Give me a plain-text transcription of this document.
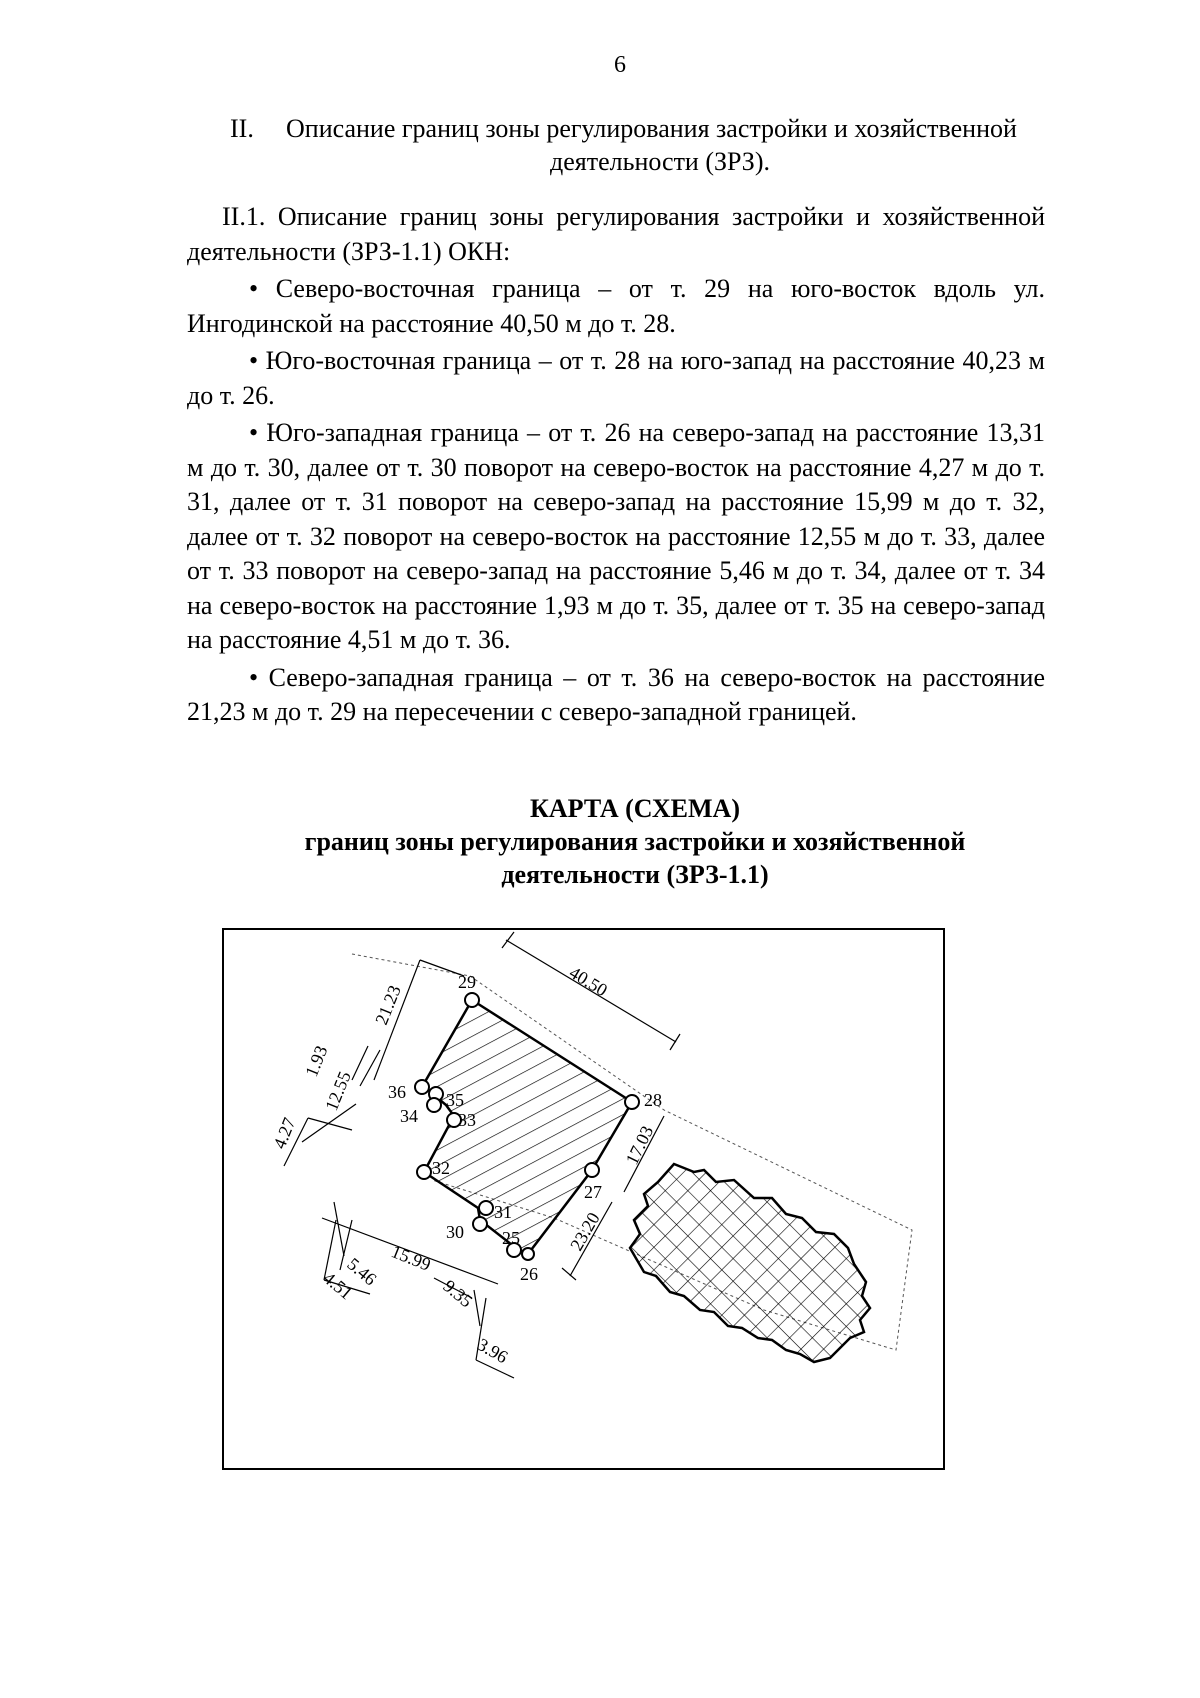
6
II. Описание границ зоны регулирования застройки и хозяйственной
деятельности (ЗРЗ).

II.1. Описание границ зоны регулирования застройки и хозяйственной деятельности (ЗРЗ-1.1) ОКН:

• Северо-восточная граница – от т. 29 на юго-восток вдоль ул. Ингодинской на расстояние 40,50 м до т. 28.

• Юго-восточная граница – от т. 28 на юго-запад на расстояние 40,23 м до т. 26.

• Юго-западная граница – от т. 26 на северо-запад на расстояние 13,31 м до т. 30, далее от т. 30 поворот на северо-восток на расстояние 4,27 м до т. 31, далее от т. 31 поворот на северо-запад на расстояние 15,99 м до т. 32, далее от т. 32 поворот на северо-восток на расстояние 12,55 м до т. 33, далее от т. 33 поворот на северо-запад на расстояние 5,46 м до т. 34, далее от т. 34 на северо-восток на расстояние 1,93 м до т. 35, далее от т. 35 на северо-запад на расстояние 4,51 м до т. 36.

• Северо-западная граница – от т. 36 на северо-восток на расстояние 21,23 м до т. 29 на пересечении с северо-западной границей.

КАРТА (СХЕМА)
границ зоны регулирования застройки и хозяйственной
деятельности (ЗРЗ-1.1)
29
28
36 35
34 33
32
31
30 25
26
27
40.50
21.23
1.93
12.55
4.27	17.03
23.20
5.46 15.99
4.51	9.35
3.96
